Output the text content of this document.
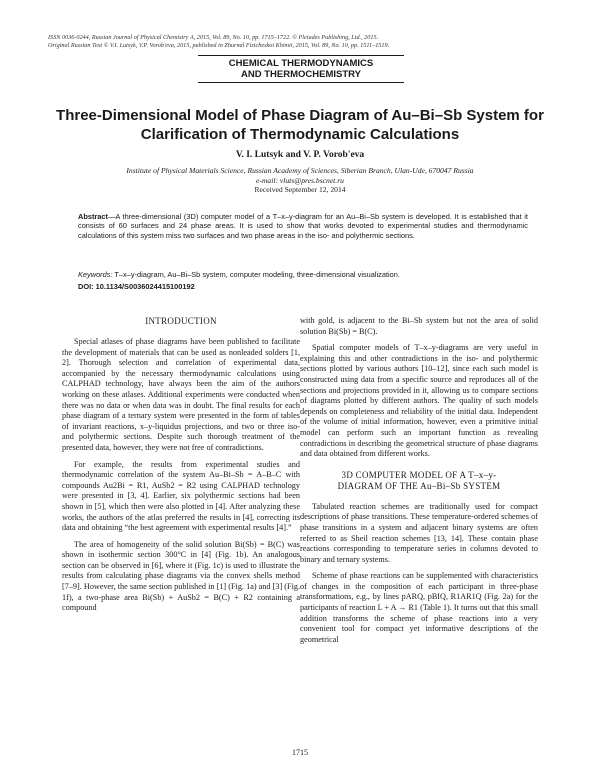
ISSN 0036-0244, Russian Journal of Physical Chemistry A, 2015, Vol. 89, No. 10, pp. 1715–1722. © Pleiades Publishing, Ltd., 2015.
Original Russian Text © V.I. Lutsyk, V.P. Vorob'eva, 2015, published in Zhurnal Fizicheskoi Khimii, 2015, Vol. 89, No. 10, pp. 1511–1519.
CHEMICAL THERMODYNAMICS
AND THERMOCHEMISTRY
Three-Dimensional Model of Phase Diagram of Au–Bi–Sb System for Clarification of Thermodynamic Calculations
V. I. Lutsyk and V. P. Vorob'eva
Institute of Physical Materials Science, Russian Academy of Sciences, Siberian Branch, Ulan-Ude, 670047 Russia
e-mail: vluts@pres.bscnet.ru
Received September 12, 2014
Abstract—A three-dimensional (3D) computer model of a T–x–y-diagram for an Au–Bi–Sb system is developed. It is established that it consists of 60 surfaces and 24 phase areas. It is used to show that works devoted to experimental studies and thermodynamic calculations of this system miss two surfaces and two phase areas in the iso- and polythermic sections.
Keywords: T–x–y-diagram, Au–Bi–Sb system, computer modeling, three-dimensional visualization.
DOI: 10.1134/S0036024415100192
INTRODUCTION

Special atlases of phase diagrams have been published to facilitate the development of materials that can be used as nonleaded solders [1, 2]. Thorough selection and correlation of experimental data, accompanied by the necessary thermodynamic calculations using CALPHAD technology, have always been the aim of the authors working on these atlases. Additional experiments were conducted when there was no data or when data was in doubt. The final results for each phase diagram of a ternary system were presented in the form of tables of invariant reactions, x–y-liquidus projections, and two or three iso- and polythermic sections. Despite such thorough treatment of the presented data, however, they were not free of contradictions.

For example, the results from experimental studies and thermodynamic correlation of the system Au–Bi–Sb = A–B–C with compounds Au2Bi = R1, AuSb2 = R2 using CALPHAD technology were presented in [3, 4]. Earlier, six polythermic sections had been shown in [5], which then were also plotted in [4]. After analyzing these works, the authors of the atlas preferred the results in [4], correcting its data and obtaining “the best agreement with experimental results [4].”

The area of homogeneity of the solid solution Bi(Sb) = B(C) was shown in isothermic section 300°C in [4] (Fig. 1b). An analogous section can be observed in [6], where it (Fig. 1c) is used to illustrate the results from calculating phase diagrams via the convex shells method [7–9]. However, the same section published in [1] (Fig. 1a) and [3] (Fig. 1f), a two-phase area Bi(Sb) + AuSb2 = B(C) + R2 containing a compound

with gold, is adjacent to the Bi–Sb system but not the area of solid solution Bi(Sb) = B(C).

Spatial computer models of T–x–y-diagrams are very useful in explaining this and other contradictions in the iso- and polythermic sections plotted by various authors [10–12], since each such model is constructed using data from a specific source and reproduces all of the sections and projections provided in it, allowing us to compare sections of diagrams plotted by different authors. The quality of such models depends on completeness and reliability of the initial data. Independent of the volume of initial information, however, even a primitive initial model can perform such an important function as revealing contradictions in describing the geometrical structure of phase diagrams and data obtained from different works.

3D COMPUTER MODEL OF A T–x–y-
DIAGRAM OF THE Au–Bi–Sb SYSTEM

Tabulated reaction schemes are traditionally used for compact descriptions of phase transitions. These temperature-ordered schemes of phase transitions in a system and adjacent binary systems are often referred to as Sheil reaction schemes [13, 14]. These contain phase reactions corresponding to temperature series in columns devoted to binary and ternary systems.

Scheme of phase reactions can be supplemented with characteristics of changes in the composition of each participant in three-phase transformations, e.g., by lines pARQ, pBIQ, R1AR1Q (Fig. 2a) for the participants of reaction L + A → R1 (Table 1). It turns out that this small addition transforms the scheme of phase reactions into a very convenient tool for compact yet informative descriptions of the geometrical

1715
